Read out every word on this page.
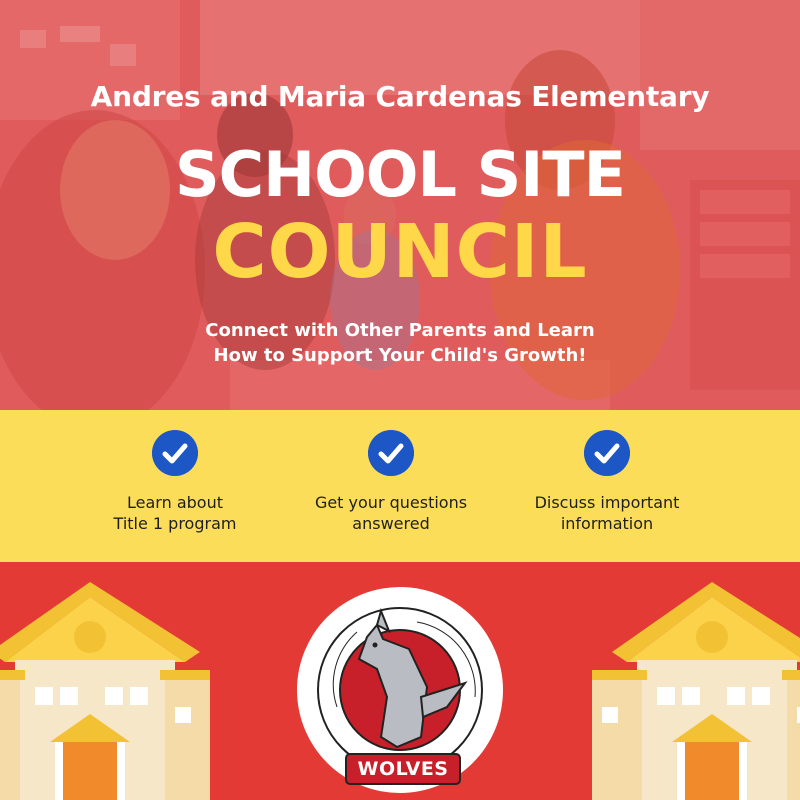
Andres and Maria Cardenas Elementary
SCHOOL SITE
COUNCIL
Connect with Other Parents and Learn
How to Support Your Child's Growth!
Learn about
Title 1 program
Get your questions
answered
Discuss important
information
WOLVES
